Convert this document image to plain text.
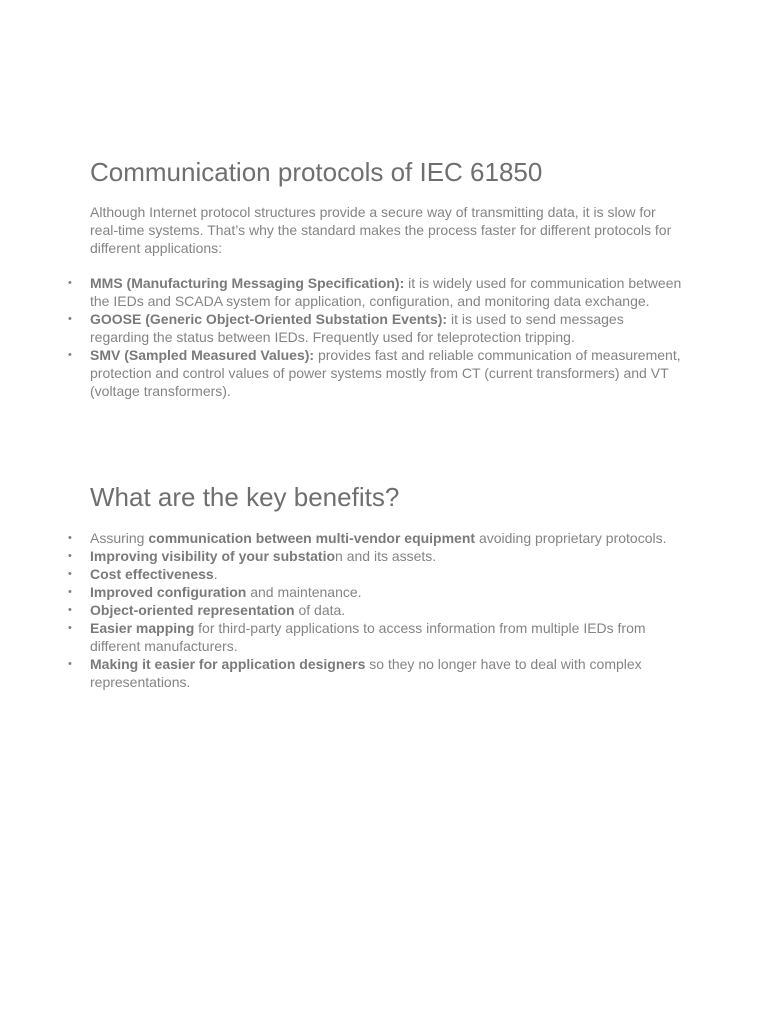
Communication protocols of IEC 61850

Although Internet protocol structures provide a secure way of transmitting data, it is slow for real-time systems. That’s why the standard makes the process faster for different protocols for different applications:

• MMS (Manufacturing Messaging Specification): it is widely used for communication between the IEDs and SCADA system for application, configuration, and monitoring data exchange.
• GOOSE (Generic Object-Oriented Substation Events): it is used to send messages regarding the status between IEDs. Frequently used for teleprotection tripping.
• SMV (Sampled Measured Values): provides fast and reliable communication of measurement, protection and control values of power systems mostly from CT (current transformers) and VT (voltage transformers).
What are the key benefits?
• Assuring communication between multi-vendor equipment avoiding proprietary protocols.
• Improving visibility of your substation and its assets.
• Cost effectiveness.
• Improved configuration and maintenance.
• Object-oriented representation of data.
• Easier mapping for third-party applications to access information from multiple IEDs from different manufacturers.
• Making it easier for application designers so they no longer have to deal with complex representations.
